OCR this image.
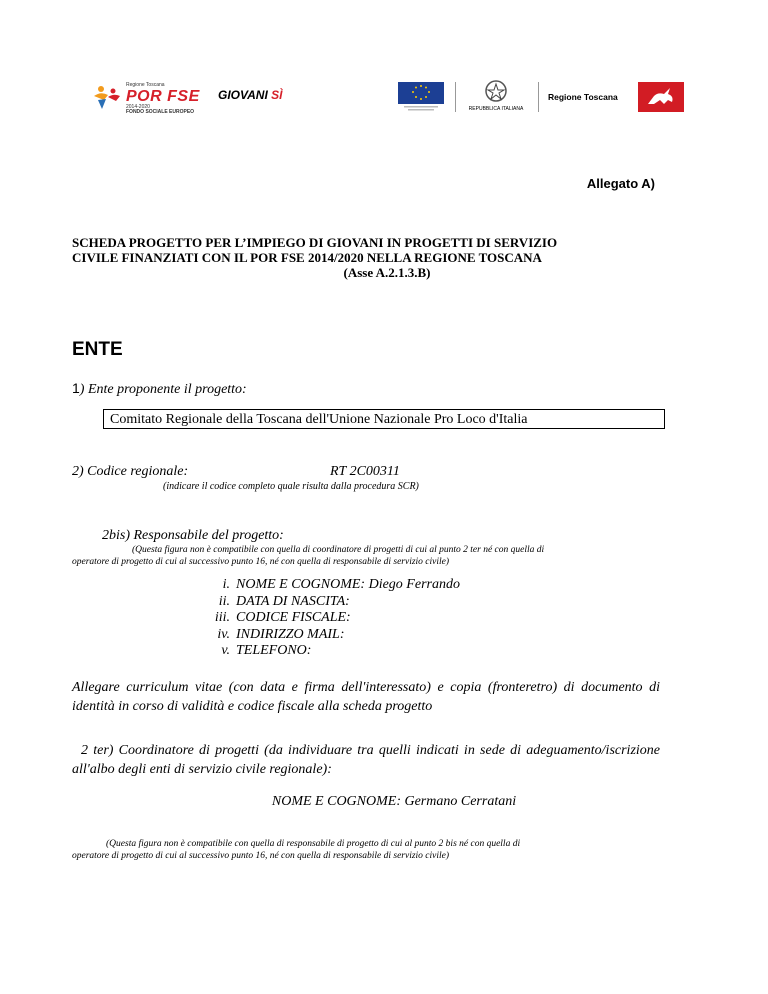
Regione Toscana
POR FSE
2014-2020
FONDO SOCIALE EUROPEO
GIOVANI SÌ
REPUBBLICA ITALIANA
Regione Toscana
Allegato A)
SCHEDA PROGETTO PER L’IMPIEGO DI GIOVANI IN PROGETTI DI SERVIZIO
CIVILE FINANZIATI CON IL POR FSE 2014/2020 NELLA REGIONE TOSCANA
(Asse A.2.1.3.B)
ENTE
1) Ente proponente il progetto:
Comitato Regionale della Toscana dell'Unione Nazionale Pro Loco d'Italia
2) Codice regionale:	RT 2C00311
(indicare il codice completo quale risulta dalla procedura SCR)
2bis) Responsabile del progetto:
(Questa figura non è compatibile con quella di coordinatore di progetti di cui al punto 2 ter né con quella di
operatore di progetto di cui al successivo punto 16, né con quella di responsabile di servizio civile)
i. NOME E COGNOME: Diego Ferrando
ii. DATA DI NASCITA:
iii. CODICE FISCALE:
iv. INDIRIZZO MAIL:
v. TELEFONO:
Allegare curriculum vitae (con data e firma dell'interessato) e copia (fronteretro) di documento di identità in corso di validità e codice fiscale alla scheda progetto
2 ter) Coordinatore di progetti (da individuare tra quelli indicati in sede di adeguamento/iscrizione all'albo degli enti di servizio civile regionale):
NOME E COGNOME: Germano Cerratani
(Questa figura non è compatibile con quella di responsabile di progetto di cui al punto 2 bis né con quella di
operatore di progetto di cui al successivo punto 16, né con quella di responsabile di servizio civile)
